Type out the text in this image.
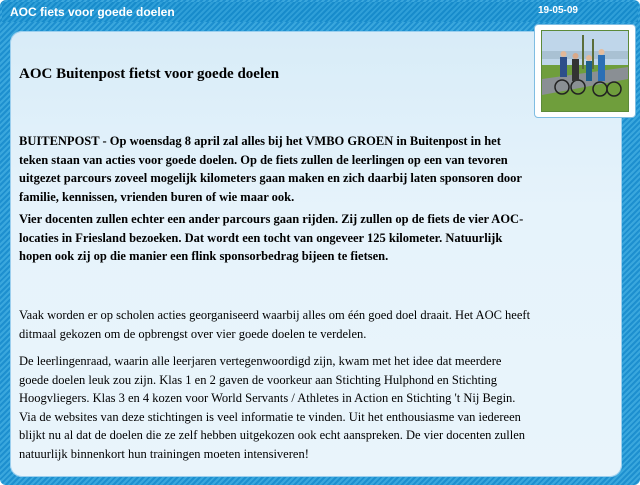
AOC fiets voor goede doelen	19-05-09

BUITENPOST - Op woensdag 8 april zal alles bij het VMBO GROEN in Buitenpost in het teken staan van acties voor goede doelen. Op de fiets zullen de leerlingen op een van tevoren uitgezet parcours zoveel mogelijk kilometers gaan maken en zich daarbij laten sponsoren door familie, kennissen, vrienden buren of wie maar ook.

Vier docenten zullen echter een ander parcours gaan rijden. Zij zullen op de fiets de vier AOC-locaties in Friesland bezoeken. Dat wordt een tocht van ongeveer 125 kilometer. Natuurlijk hopen ook zij op die manier een flink sponsorbedrag bijeen te fietsen.

Vaak worden er op scholen acties georganiseerd waarbij alles om één goed doel draait. Het AOC heeft ditmaal gekozen om de opbrengst over vier goede doelen te verdelen.

De leerlingenraad, waarin alle leerjaren vertegenwoordigd zijn, kwam met het idee dat meerdere goede doelen leuk zou zijn. Klas 1 en 2 gaven de voorkeur aan Stichting Hulphond en Stichting Hoogvliegers. Klas 3 en 4 kozen voor World Servants / Athletes in Action en Stichting 't Nij Begin. Via de websites van deze stichtingen is veel informatie te vinden. Uit het enthousiasme van iedereen blijkt nu al dat de doelen die ze zelf hebben uitgekozen ook echt aanspreken. De vier docenten zullen natuurlijk binnenkort hun trainingen moeten intensiveren!

AOC Buitenpost fietst voor goede doelen
